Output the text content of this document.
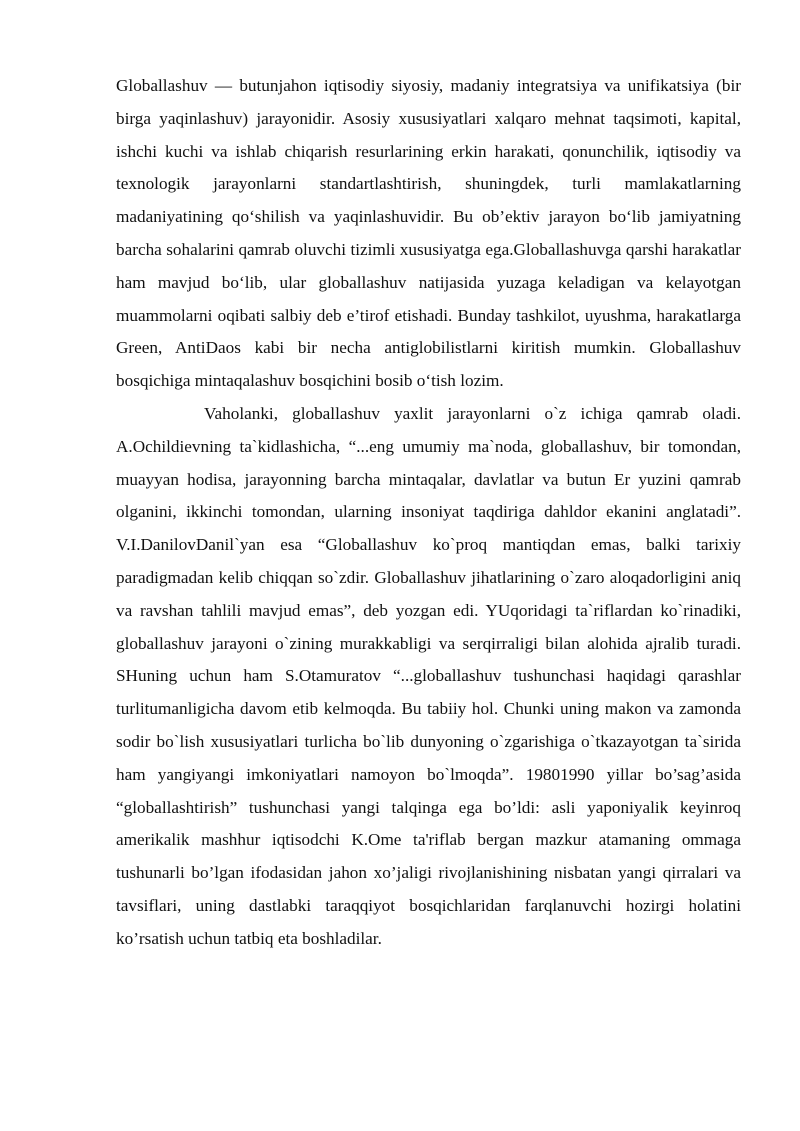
Globallashuv — butunjahon iqtisodiy siyosiy, madaniy integratsiya va unifikatsiya (bir birga yaqinlashuv) jarayonidir. Asosiy xususiyatlari xalqaro mehnat taqsimoti, kapital, ishchi kuchi va ishlab chiqarish resurlarining erkin harakati, qonunchilik, iqtisodiy va texnologik jarayonlarni standartlashtirish, shuningdek, turli mamlakatlarning madaniyatining qo‘shilish va yaqinlashuvidir. Bu ob’ektiv jarayon bo‘lib jamiyatning barcha sohalarini qamrab oluvchi tizimli xususiyatga ega.Globallashuvga qarshi harakatlar ham mavjud bo‘lib, ular globallashuv natijasida yuzaga keladigan va kelayotgan muammolarni oqibati salbiy deb e’tirof etishadi. Bunday tashkilot, uyushma, harakatlarga Green, AntiDaos kabi bir necha antiglobilistlarni kiritish mumkin. Globallashuv bosqichiga mintaqalashuv bosqichini bosib o‘tish lozim.

Vaholanki, globallashuv yaxlit jarayonlarni o`z ichiga qamrab oladi. A.Ochildievning ta`kidlashicha, “...eng umumiy ma`noda, globallashuv, bir tomondan, muayyan hodisa, jarayonning barcha mintaqalar, davlatlar va butun Er yuzini qamrab olganini, ikkinchi tomondan, ularning insoniyat taqdiriga dahldor ekanini anglatadi”. V.I.DanilovDanil`yan esa “Globallashuv ko`proq mantiqdan emas, balki tarixiy paradigmadan kelib chiqqan so`zdir. Globallashuv jihatlarining o`zaro aloqadorligini aniq va ravshan tahlili mavjud emas”, deb yozgan edi. YUqoridagi ta`riflardan ko`rinadiki, globallashuv jarayoni o`zining murakkabligi va serqirraligi bilan alohida ajralib turadi. SHuning uchun ham S.Otamuratov “...globallashuv tushunchasi haqidagi qarashlar turlitumanligicha davom etib kelmoqda. Bu tabiiy hol. Chunki uning makon va zamonda sodir bo`lish xususiyatlari turlicha bo`lib dunyoning o`zgarishiga o`tkazayotgan ta`sirida ham yangiyangi imkoniyatlari namoyon bo`lmoqda”. 19801990 yillar bo’sag’asida “globallashtirish” tushunchasi yangi talqinga ega bo’ldi: asli yaponiyalik keyinroq amerikalik mashhur iqtisodchi K.Ome ta'riflab bergan mazkur atamaning ommaga tushunarli bo’lgan ifodasidan jahon xo’jaligi rivojlanishining nisbatan yangi qirralari va tavsiflari, uning dastlabki taraqqiyot bosqichlaridan farqlanuvchi hozirgi holatini ko’rsatish uchun tatbiq eta boshladilar.
